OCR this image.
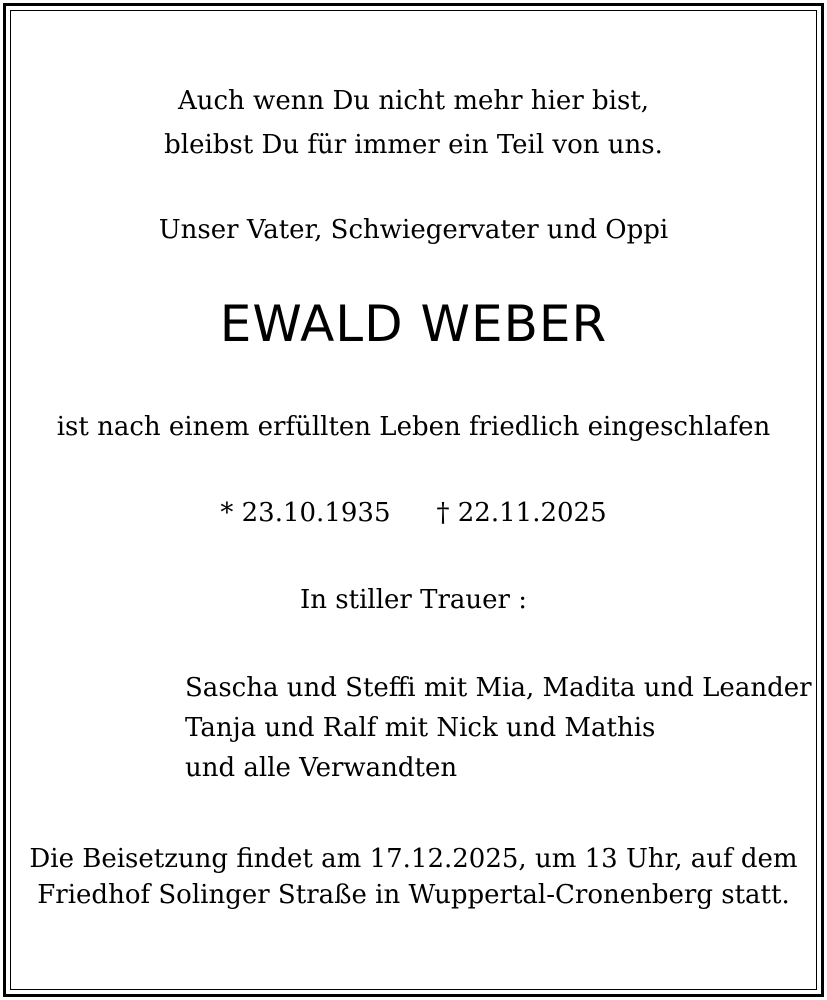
Auch wenn Du nicht mehr hier bist,
bleibst Du für immer ein Teil von uns.
Unser Vater, Schwiegervater und Oppi
EWALD WEBER
ist nach einem erfüllten Leben friedlich eingeschlafen
* 23.10.1935 † 22.11.2025
In stiller Trauer :
Sascha und Steffi mit Mia, Madita und Leander
Tanja und Ralf mit Nick und Mathis
und alle Verwandten
Die Beisetzung findet am 17.12.2025, um 13 Uhr, auf dem
Friedhof Solinger Straße in Wuppertal-Cronenberg statt.
